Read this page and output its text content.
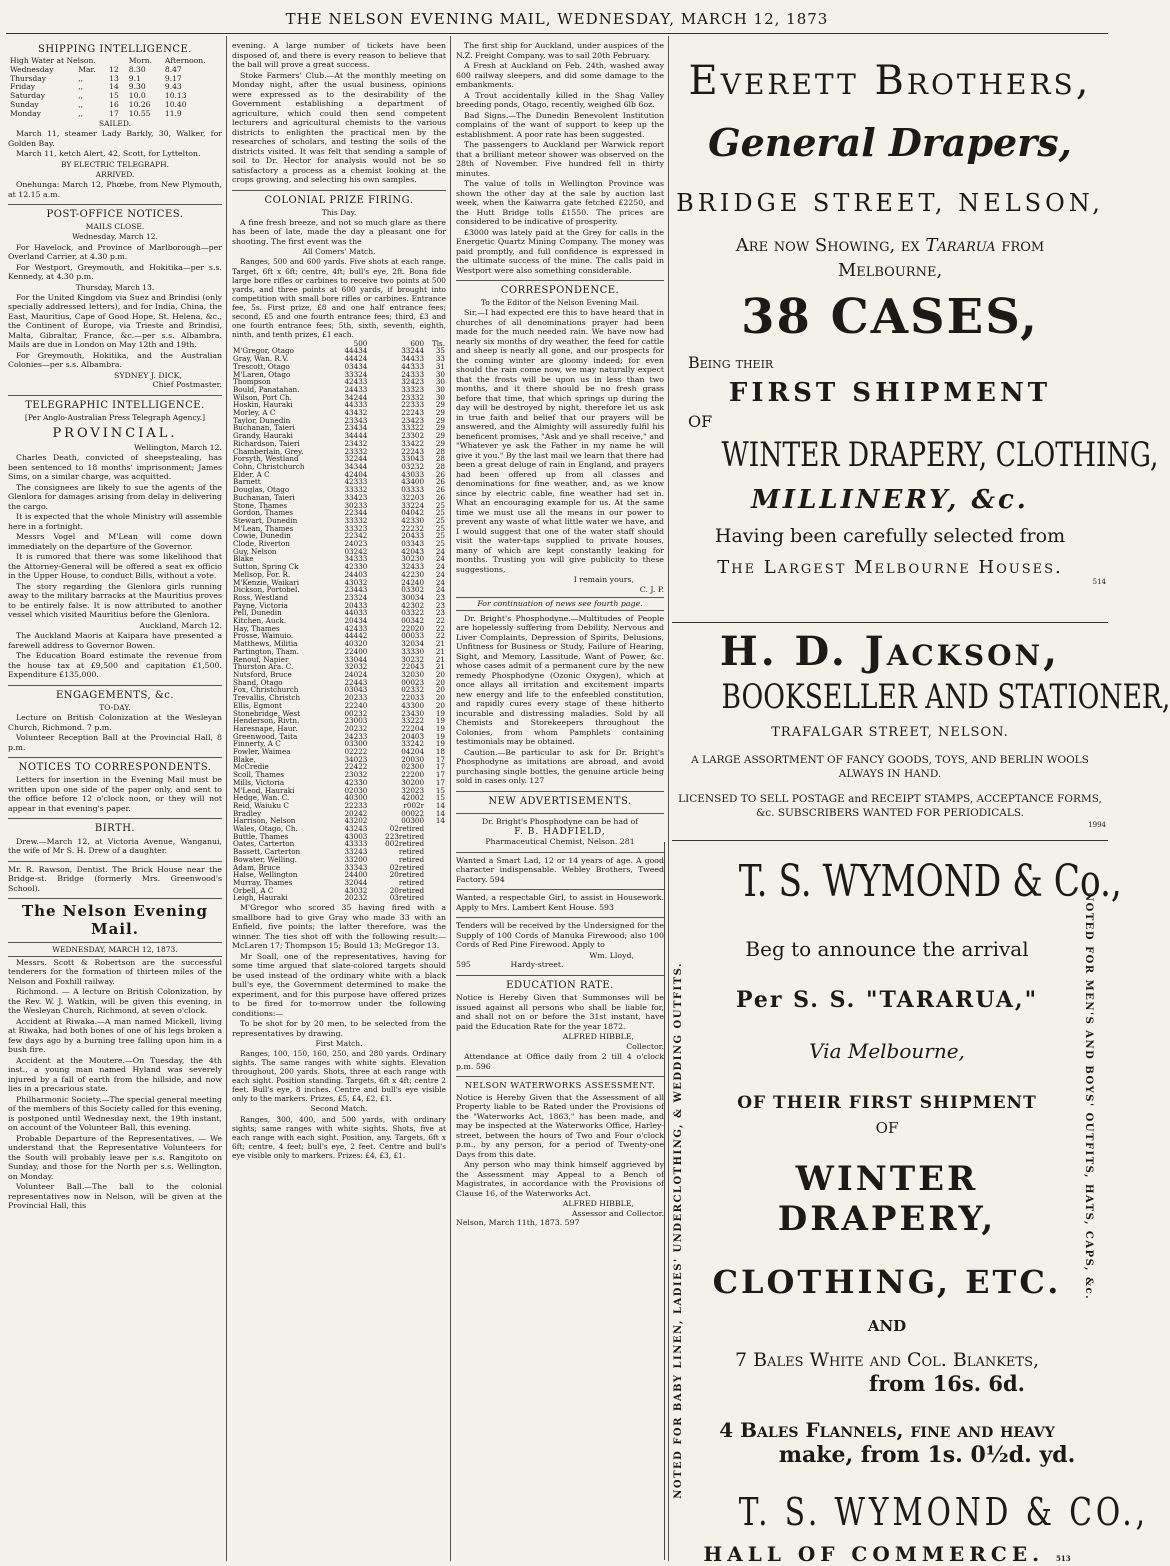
THE NELSON EVENING MAIL, WEDNESDAY, MARCH 12, 1873
SHIPPING INTELLIGENCE.
High Water at Nelson.			Morn.	Afternoon.
Wednesday	Mar.	12	8.30	8.47
Thursday	,,	13	9.1	9.17
Friday	,,	14	9.30	9.43
Saturday	,,	15	10.0	10.13
Sunday	,,	16	10.26	10.40
Monday	,,	17	10.55	11.9
SAILED.

March 11, steamer Lady Barkly, 30, Walker, for Golden Bay.

March 11, ketch Alert, 42, Scott, for Lyttelton.

BY ELECTRIC TELEGRAPH.
ARRIVED.

Onehunga: March 12, Phœbe, from New Plymouth, at 12.15 a.m.

POST-OFFICE NOTICES.
MAILS CLOSE.
Wednesday, March 12.

For Havelock, and Province of Marlborough—per Overland Carrier, at 4.30 p.m.

For Westport, Greymouth, and Hokitika—per s.s. Kennedy, at 4.30 p.m.

Thursday, March 13.

For the United Kingdom via Suez and Brindisi (only specially addressed letters), and for India, China, the East, Mauritius, Cape of Good Hope, St. Helena, &c., the Continent of Europe, via Trieste and Brindisi, Malta, Gibraltar, France, &c.—per s.s. Albambra. Mails are due in London on May 12th and 19th.

For Greymouth, Hokitika, and the Australian Colonies—per s.s. Albambra.

SYDNEY J. DICK,
Chief Postmaster.
TELEGRAPHIC INTELLIGENCE.
[Per Anglo-Australian Press Telegraph Agency.]
PROVINCIAL.
Wellington, March 12.

Charles Death, convicted of sheepstealing, has been sentenced to 18 months' imprisonment; James Sims, on a similar charge, was acquitted.

The consignees are likely to sue the agents of the Glenlora for damages arising from delay in delivering the cargo.

It is expected that the whole Ministry will assemble here in a fortnight.

Messrs Vogel and M'Lean will come down immediately on the departure of the Governor.

It is rumored that there was some likelihood that the Attorney-General will be offered a seat ex officio in the Upper House, to conduct Bills, without a vote.

The story regarding the Glenlora girls running away to the military barracks at the Mauritius proves to be entirely false. It is now attributed to another vessel which visited Mauritius before the Glenlora.

Auckland, March 12.

The Auckland Maoris at Kaipara have presented a farewell address to Governor Bowen.

The Education Board estimate the revenue from the house tax at £9,500 and capitation £1,500. Expenditure £135,000.

ENGAGEMENTS, &c.
TO-DAY.

Lecture on British Colonization at the Wesleyan Church, Richmond. 7 p.m.

Volunteer Reception Ball at the Provincial Hall, 8 p.m.

NOTICES TO CORRESPONDENTS.

Letters for insertion in the Evening Mail must be written upon one side of the paper only, and sent to the office before 12 o'clock noon, or they will not appear in that evening's paper.

BIRTH.

Drew.—March 12, at Victoria Avenue, Wanganui, the wife of Mr S. H. Drew of a daughter.

Mr. R. Rawson, Dentist. The Brick House near the Bridge-st. Bridge (formerly Mrs. Greenwood's School).

The Nelson Evening Mail.
WEDNESDAY, MARCH 12, 1873.

Messrs. Scott & Robertson are the successful tenderers for the formation of thirteen miles of the Nelson and Foxhill railway.

Richmond. — A lecture on British Colonization, by the Rev. W. J. Watkin, will be given this evening, in the Wesleyan Church, Richmond, at seven o'clock.

Accident at Riwaka.—A man named Mickell, living at Riwaka, had both bones of one of his legs broken a few days ago by a burning tree falling upon him in a bush fire.

Accident at the Moutere.—On Tuesday, the 4th inst., a young man named Hyland was severely injured by a fall of earth from the hillside, and now lies in a precarious state.

Philharmonic Society.—The special general meeting of the members of this Society called for this evening, is postponed until Wednesday next, the 19th instant, on account of the Volunteer Ball, this evening.

Probable Departure of the Representatives. — We understand that the Representative Volunteers for the South will probably leave per s.s. Rangitoto on Sunday, and those for the North per s.s. Wellington, on Monday.

Volunteer Ball.—The ball to the colonial representatives now in Nelson, will be given at the Provincial Hall, this

evening. A large number of tickets have been disposed of, and there is every reason to believe that the ball will prove a great success.

Stoke Farmers' Club.—At the monthly meeting on Monday night, after the usual business, opinions were expressed as to the desirability of the Government establishing a department of agriculture, which could then send competent lecturers and agricultural chemists to the various districts to enlighten the practical men by the researches of scholars, and testing the soils of the districts visited. It was felt that sending a sample of soil to Dr. Hector for analysis would not be so satisfactory a process as a chemist looking at the crops growing, and selecting his own samples.

COLONIAL PRIZE FIRING.
This Day.

A fine fresh breeze, and not so much glare as there has been of late, made the day a pleasant one for shooting. The first event was the

All Comers' Match.

Ranges, 500 and 600 yards. Five shots at each range. Target, 6ft x 6ft; centre, 4ft; bull's eye, 2ft. Bona fide large bore rifles or carbines to receive two points at 500 yards, and three points at 600 yards, if brought into competition with small bore rifles or carbines. Entrance fee, 5s. First prize, £8 and one half entrance fees; second, £5 and one fourth entrance fees; third, £3 and one fourth entrance fees; 5th, sixth, seventh, eighth, ninth, and tenth prizes, £1 each.

	500	600	Tls.
M'Gregor, Otago	44434	33244	35
Gray, Wan. R.V.	44424	34433	33
Trescott, Otago	03434	44333	31
M'Laren, Otago	33324	24333	30
Thompson	42433	32423	30
Bould, Panatahan.	24433	33323	30
Wilson, Port Ch.	34244	23332	30
Hoskin, Hauraki	44333	22333	29
Morley, A C	43432	22243	29
Taylor, Dunedin	23343	23423	29
Buchanan, Taieri	23434	33322	29
Grandy, Hauraki	34444	23302	29
Richardson, Taieri	23432	33422	29
Chamberlain, Grey.	23332	22243	28
Forsyth, Westland	32244	33043	28
Cohn, Christchurch	34344	03232	28
Elder, A C	42404	43033	26
Barnett	42333	43400	26
Douglas, Otago	33332	03333	26
Buchanan, Taieri	33423	32203	26
Stone, Thames	30233	33224	25
Gordon, Thames	22344	04042	25
Stewart, Dunedin	33332	42330	25
M'Lean, Thames	33323	22232	25
Cowie, Dunedin	22342	20433	25
Clode, Riverton	24023	03343	25
Guy, Nelson	03242	42043	24
Blake	34333	30230	24
Sutton, Spring Ck	42330	32433	24
Mellsop, For. R.	24403	42230	24
M'Kenzie, Waikari	43032	24240	24
Dickson, Portobel.	23443	03302	24
Ross, Westland	23324	30034	23
Payne, Victoria	20433	42302	23
Pell, Dunedin	44033	03322	23
Kitchen, Auck.	20434	00342	22
Hay, Thames	42433	22020	22
Prosse, Wainuio.	44442	00033	22
Matthews, Militia	40320	32034	21
Partington, Tham.	22400	33330	21
Renouf, Napier	33044	30232	21
Thurston Ara. C.	32032	22043	21
Nutsford, Bruce	24024	32030	20
Shand, Otago	22443	00023	20
Fox, Christchurch	03043	02332	20
Trevallis, Christch	20233	22033	20
Ellis, Egmont	22240	43300	20
Stonebridge, West	00232	23430	19
Henderson, Rivtn.	23003	33222	19
Haresnape, Haur.	20232	22204	19
Greenwood, Taita	24233	20403	19
Finnerty, A C	03300	33242	19
Fowler, Waimea	02222	04204	18
Blake,	34023	20030	17
McCredie	22422	02300	17
Scoll, Thames	23032	22200	17
Mills, Victoria	42330	30200	17
M'Leod, Hauraki	02030	32023	15
Hedge, Wan. C.	40300	42002	15
Reid, Waiuku C	22233	r002r	14
Bradley	20242	00022	14
Harrison, Nelson	43202	00300	14
Wales, Otago, Ch.	43243	02retired	
Buttle, Thames	43003	223retired	
Oates, Carterton	43333	002retired	
Bassett, Carterton	33243	retired	
Bowater, Welling.	33200	retired	
Adam, Bruce	33343	02retired	
Halse, Wellington	24400	20retired	
Murray, Thames	32044	retired	
Orbell, A C	43032	20retired	
Leigh, Hauraki	20232	03retired	

M'Gregor who scored 35 having fired with a smallbore had to give Gray who made 33 with an Enfield, five points; the latter therefore, was the winner. The ties shot off with the following result:—McLaren 17; Thompson 15; Bould 13; McGregor 13.

Mr Soall, one of the representatives, having for some time argued that slate-colored targets should be used instead of the ordinary white with a black bull's eye, the Government determined to make the experiment, and for this purpose have offered prizes to be fired for to-morrow under the following conditions:—

To be shot for by 20 men, to be selected from the representatives by drawing.

First Match.

Ranges, 100, 150, 160, 250, and 280 yards. Ordinary sights. The same ranges with white sights. Elevation throughout, 200 yards. Shots, three at each range with each sight. Position standing. Targets, 6ft x 4ft; centre 2 feet. Bull's eye, 8 inches. Centre and bull's eye visible only to the markers. Prizes, £5, £4, £2, £1.

Second Match.

Ranges, 300, 400, and 500 yards, with ordinary sights; same ranges with white sights. Shots, five at each range with each sight. Position, any. Targets, 6ft x 6ft; centre, 4 feet; bull's eye, 2 feet. Centre and bull's eye visible only to markers. Prizes: £4, £3, £1.

The first ship for Auckland, under auspices of the N.Z. Freight Company, was to sail 20th February.

A Fresh at Auckland on Feb. 24th, washed away 600 railway sleepers, and did some damage to the embankments.

A Trout accidentally killed in the Shag Valley breeding ponds, Otago, recently, weighed 6lb 6oz.

Bad Signs.—The Dunedin Benevolent Institution complains of the want of support to keep up the establishment. A poor rate has been suggested.

The passengers to Auckland per Warwick report that a brilliant meteor shower was observed on the 28th of November. Five hundred fell in thirty minutes.

The value of tolls in Wellington Province was shown the other day at the sale by auction last week, when the Kaiwarra gate fetched £2250, and the Hutt Bridge tolls £1550. The prices are considered to be indicative of prosperity.

£3000 was lately paid at the Grey for calls in the Energetic Quartz Mining Company. The money was paid promptly, and full confidence is expressed in the ultimate success of the mine. The calls paid in Westport were also something considerable.

CORRESPONDENCE.
To the Editor of the Nelson Evening Mail.

Sir,—I had expected ere this to have heard that in churches of all denominations prayer had been made for the much needed rain. We have now had nearly six months of dry weather, the feed for cattle and sheep is nearly all gone, and our prospects for the coming winter are gloomy indeed; for even should the rain come now, we may naturally expect that the frosts will be upon us in less than two months, and it there should be no fresh grass before that time, that which springs up during the day will be destroyed by night, therefore let us ask in true faith and belief that our prayers will be answered, and the Almighty will assuredly fulfil his beneficent promises, "Ask and ye shall receive," and "Whatever ye ask the Father in my name he will give it you." By the last mail we learn that there had been a great deluge of rain in England, and prayers had been offered up from all classes and denominations for fine weather, and, as we know since by electric cable, fine weather had set in. What an encouraging example for us. At the same time we must use all the means in our power to prevent any waste of what little water we have, and I would suggest that one of the water staff should visit the water-taps supplied to private houses, many of which are kept constantly leaking for months. Trusting you will give publicity to these suggestions,

I remain yours,
C. J. P.
For continuation of news see fourth page.

Dr. Bright's Phosphodyne.—Multitudes of People are hopelessly suffering from Debility, Nervous and Liver Complaints, Depression of Spirits, Delusions, Unfitness for Business or Study, Failure of Hearing, Sight, and Memory, Lassitude, Want of Power, &c. whose cases admit of a permanent cure by the new remedy Phosphodyne (Ozonic Oxygen), which at once allays all irritation and excitement imparts new energy and life to the enfeebled constitution, and rapidly cures every stage of these hitherto incurable and distressing maladies. Sold by all Chemists and Storekeepers throughout the Colonies, from whom Pamphlets containing testimonials may be obtained.

Caution.—Be particular to ask for Dr. Bright's Phosphodyne as imitations are abroad, and avoid purchasing single bottles, the genuine article being sold in cases only. 127

NEW ADVERTISEMENTS.
Dr. Bright's Phosphodyne can be had of
F. B. HADFIELD,
Pharmaceutical Chemist, Nelson. 281

Wanted a Smart Lad, 12 or 14 years of age. A good character indispensable. Webley Brothers, Tweed Factory. 594

Wanted, a respectable Girl, to assist in Housework. Apply to Mrs. Lambert Kent House. 593

Tenders will be received by the Undersigned for the Supply of 100 Cords of Manuka Firewood; also 100 Cords of Red Pine Firewood. Apply to

Wm. Lloyd,
595                Hardy-street.
EDUCATION RATE.

Notice is Hereby Given that Summonses will be issued against all persons who shall be liable for, and shall not on or before the 31st instant, have paid the Education Rate for the year 1872.

ALFRED HIBBLE,
Collector.

Attendance at Office daily from 2 till 4 o'clock p.m. 596

NELSON WATERWORKS ASSESSMENT.

Notice is Hereby Given that the Assessment of all Property liable to be Rated under the Provisions of the "Waterworks Act, 1863," has been made, and may be inspected at the Waterworks Office, Harley-street, between the hours of Two and Four o'clock p.m., by any person, for a period of Twenty-one Days from this date.

Any person who may think himself aggrieved by the Assessment may Appeal to a Bench of Magistrates, in accordance with the Provisions of Clause 16, of the Waterworks Act.

ALFRED HIBBLE,
Assessor and Collector.
Nelson, March 11th, 1873. 597
Everett Brothers,
General Drapers,
BRIDGE STREET, NELSON,
Are now Showing, ex Tararua from
Melbourne,
38 CASES,
Being their
FIRST SHIPMENT
OF
WINTER DRAPERY, CLOTHING,
MILLINERY, &c.
Having been carefully selected from
The Largest Melbourne Houses.
514
H. D. Jackson,
BOOKSELLER AND STATIONER,
TRAFALGAR STREET, NELSON.
A LARGE ASSORTMENT OF FANCY GOODS, TOYS, AND BERLIN WOOLS ALWAYS IN HAND.
LICENSED TO SELL POSTAGE and RECEIPT STAMPS, ACCEPTANCE FORMS, &c. SUBSCRIBERS WANTED FOR PERIODICALS.
1994
NOTED FOR BABY LINEN, LADIES' UNDERCLOTHING, & WEDDING OUTFITS.	NOTED FOR MEN'S AND BOYS' OUTFITS, HATS, CAPS, &c.
T. S. WYMOND & Co.,
Beg to announce the arrival
Per S. S. "TARARUA,"
Via Melbourne,
OF THEIR FIRST SHIPMENT
OF
WINTER DRAPERY,
CLOTHING, ETC.
AND
7 Bales White and Col. Blankets,
from 16s. 6d.
4 Bales Flannels, fine and heavy
make, from 1s. 0½d. yd.
T. S. WYMOND & CO.,
HALL OF COMMERCE. 513
